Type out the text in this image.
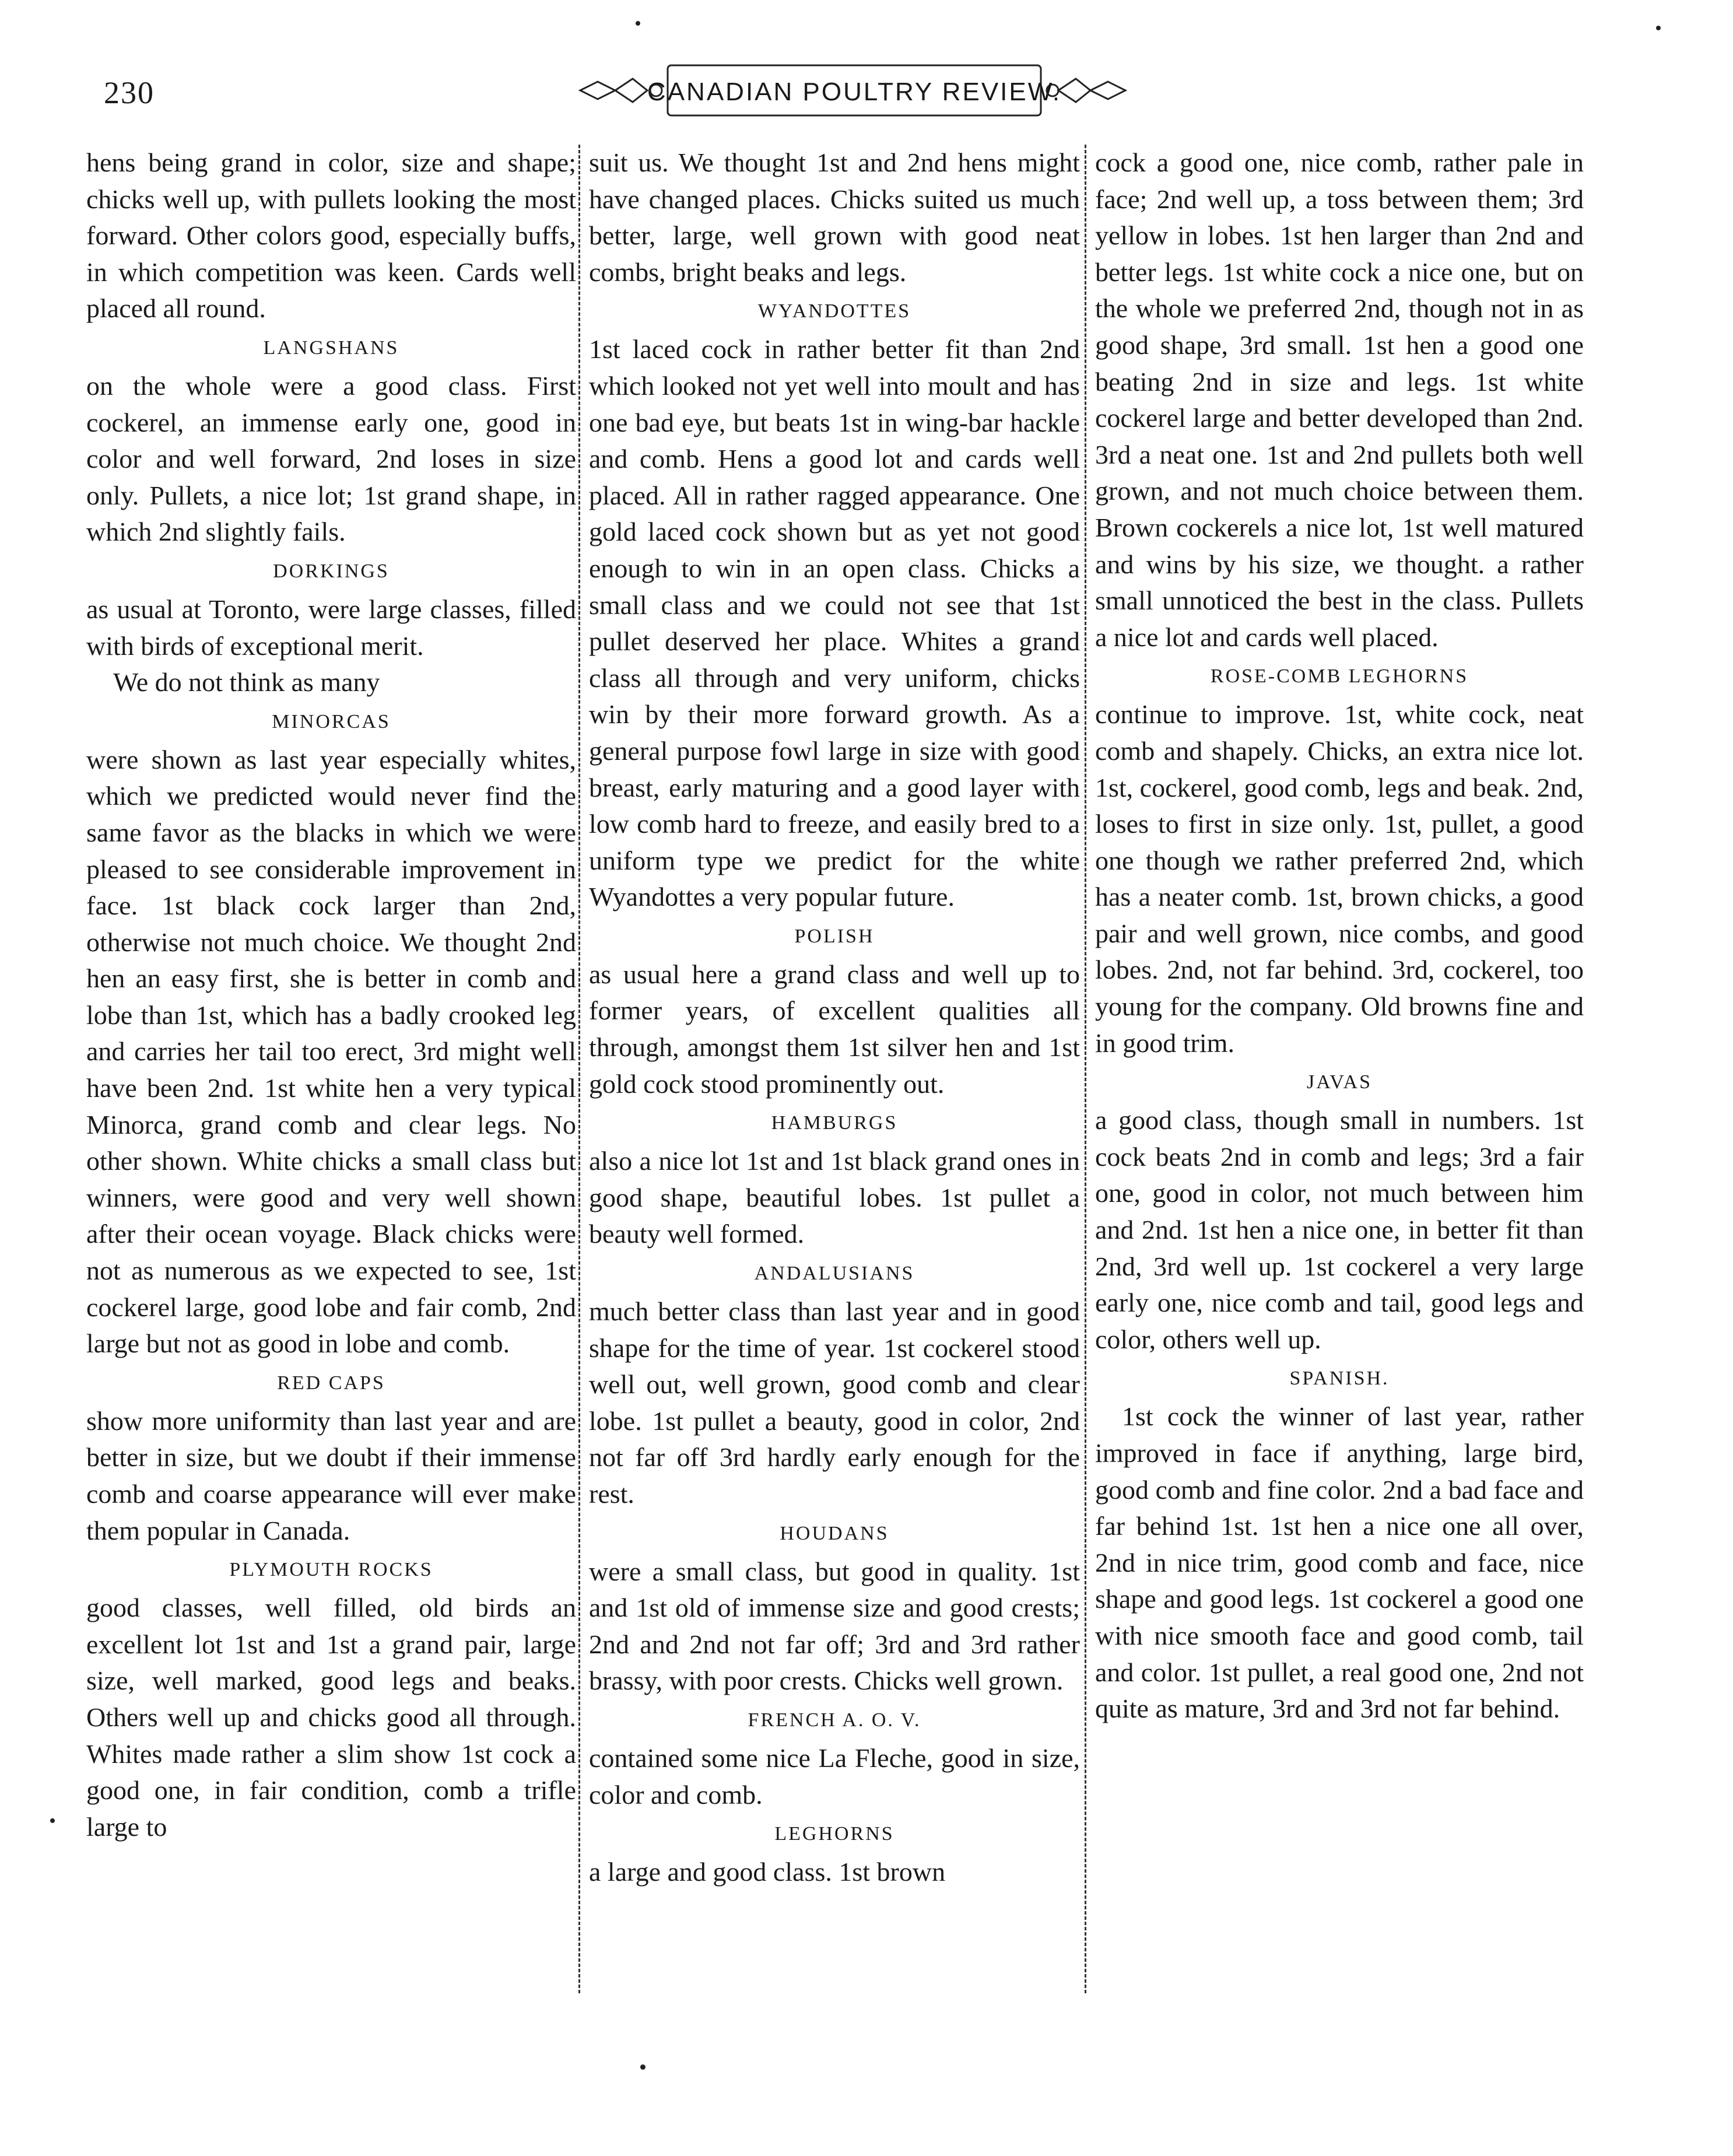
230	CANADIAN POULTRY REVIEW.

hens being grand in color, size and shape; chicks well up, with pullets looking the most forward. Other colors good, especially buffs, in which competition was keen. Cards well placed all round.

LANGSHANS

on the whole were a good class. First cockerel, an immense early one, good in color and well forward, 2nd loses in size only. Pullets, a nice lot; 1st grand shape, in which 2nd slightly fails.

DORKINGS

as usual at Toronto, were large classes, filled with birds of exceptional merit.

We do not think as many

MINORCAS

were shown as last year especially whites, which we predicted would never find the same favor as the blacks in which we were pleased to see considerable improvement in face. 1st black cock larger than 2nd, otherwise not much choice. We thought 2nd hen an easy first, she is better in comb and lobe than 1st, which has a badly crooked leg and carries her tail too erect, 3rd might well have been 2nd. 1st white hen a very typical Minorca, grand comb and clear legs. No other shown. White chicks a small class but winners, were good and very well shown after their ocean voyage. Black chicks were not as numerous as we expected to see, 1st cockerel large, good lobe and fair comb, 2nd large but not as good in lobe and comb.

RED CAPS

show more uniformity than last year and are better in size, but we doubt if their immense comb and coarse appearance will ever make them popular in Canada.

PLYMOUTH ROCKS

good classes, well filled, old birds an excellent lot 1st and 1st a grand pair, large size, well marked, good legs and beaks. Others well up and chicks good all through. Whites made rather a slim show 1st cock a good one, in fair condition, comb a trifle large to

suit us. We thought 1st and 2nd hens might have changed places. Chicks suited us much better, large, well grown with good neat combs, bright beaks and legs.

WYANDOTTES

1st laced cock in rather better fit than 2nd which looked not yet well into moult and has one bad eye, but beats 1st in wing-bar hackle and comb. Hens a good lot and cards well placed. All in rather ragged appearance. One gold laced cock shown but as yet not good enough to win in an open class. Chicks a small class and we could not see that 1st pullet deserved her place. Whites a grand class all through and very uniform, chicks win by their more forward growth. As a general purpose fowl large in size with good breast, early maturing and a good layer with low comb hard to freeze, and easily bred to a uniform type we predict for the white Wyandottes a very popular future.

POLISH

as usual here a grand class and well up to former years, of excellent qualities all through, amongst them 1st silver hen and 1st gold cock stood prominently out.

HAMBURGS

also a nice lot 1st and 1st black grand ones in good shape, beautiful lobes. 1st pullet a beauty well formed.

ANDALUSIANS

much better class than last year and in good shape for the time of year. 1st cockerel stood well out, well grown, good comb and clear lobe. 1st pullet a beauty, good in color, 2nd not far off 3rd hardly early enough for the rest.

HOUDANS

were a small class, but good in quality. 1st and 1st old of immense size and good crests; 2nd and 2nd not far off; 3rd and 3rd rather brassy, with poor crests. Chicks well grown.

FRENCH A. O. V.

contained some nice La Fleche, good in size, color and comb.

LEGHORNS

a large and good class. 1st brown

cock a good one, nice comb, rather pale in face; 2nd well up, a toss between them; 3rd yellow in lobes. 1st hen larger than 2nd and better legs. 1st white cock a nice one, but on the whole we preferred 2nd, though not in as good shape, 3rd small. 1st hen a good one beating 2nd in size and legs. 1st white cockerel large and better developed than 2nd. 3rd a neat one. 1st and 2nd pullets both well grown, and not much choice between them. Brown cockerels a nice lot, 1st well matured and wins by his size, we thought. a rather small unnoticed the best in the class. Pullets a nice lot and cards well placed.

ROSE-COMB LEGHORNS

continue to improve. 1st, white cock, neat comb and shapely. Chicks, an extra nice lot. 1st, cockerel, good comb, legs and beak. 2nd, loses to first in size only. 1st, pullet, a good one though we rather preferred 2nd, which has a neater comb. 1st, brown chicks, a good pair and well grown, nice combs, and good lobes. 2nd, not far behind. 3rd, cockerel, too young for the company. Old browns fine and in good trim.

JAVAS

a good class, though small in numbers. 1st cock beats 2nd in comb and legs; 3rd a fair one, good in color, not much between him and 2nd. 1st hen a nice one, in better fit than 2nd, 3rd well up. 1st cockerel a very large early one, nice comb and tail, good legs and color, others well up.

SPANISH.

1st cock the winner of last year, rather improved in face if anything, large bird, good comb and fine color. 2nd a bad face and far behind 1st. 1st hen a nice one all over, 2nd in nice trim, good comb and face, nice shape and good legs. 1st cockerel a good one with nice smooth face and good comb, tail and color. 1st pullet, a real good one, 2nd not quite as mature, 3rd and 3rd not far behind.
